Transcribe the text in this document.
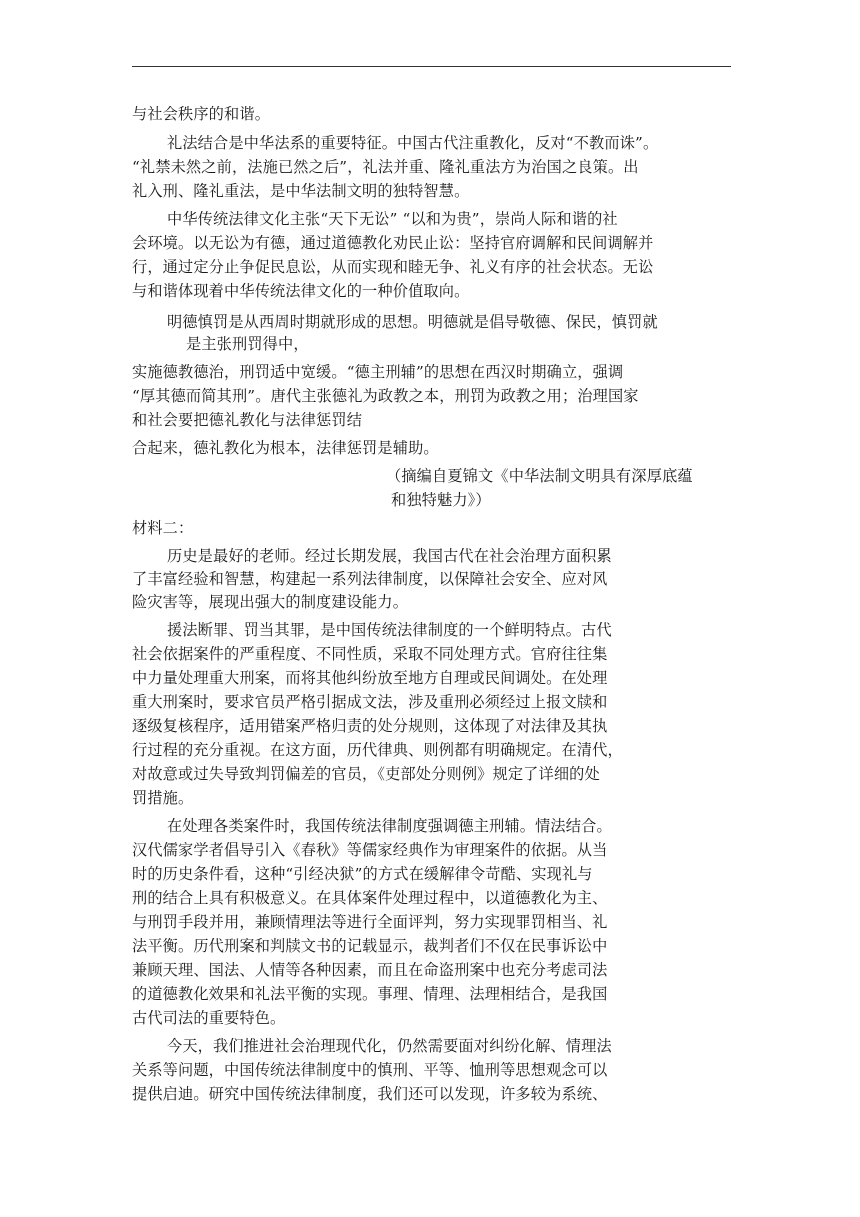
与社会秩序的和谐。
礼法结合是中华法系的重要特征。中国古代注重教化，反对“不教而诛”。
“礼禁未然之前，法施已然之后”，礼法并重、隆礼重法方为治国之良策。出
礼入刑、隆礼重法，是中华法制文明的独特智慧。
中华传统法律文化主张“天下无讼” “以和为贵”，崇尚人际和谐的社
会环境。以无讼为有德，通过道德教化劝民止讼：坚持官府调解和民间调解并
行，通过定分止争促民息讼，从而实现和睦无争、礼义有序的社会状态。无讼
与和谐体现着中华传统法律文化的一种价值取向。
明德慎罚是从西周时期就形成的思想。明德就是倡导敬德、保民，慎罚就
是主张刑罚得中，
实施德教德治，刑罚适中宽缓。“德主刑辅”的思想在西汉时期确立，强调
“厚其德而简其刑”。唐代主张德礼为政教之本，刑罚为政教之用；治理国家
和社会要把德礼教化与法律惩罚结
合起来，德礼教化为根本，法律惩罚是辅助。
（摘编自夏锦文《中华法制文明具有深厚底蕴
和独特魅力》）
材料二：
历史是最好的老师。经过长期发展，我国古代在社会治理方面积累
了丰富经验和智慧，构建起一系列法律制度，以保障社会安全、应对风
险灾害等，展现出强大的制度建设能力。
援法断罪、罚当其罪，是中国传统法律制度的一个鲜明特点。古代
社会依据案件的严重程度、不同性质，采取不同处理方式。官府往往集
中力量处理重大刑案，而将其他纠纷放至地方自理或民间调处。在处理
重大刑案时，要求官员严格引据成文法，涉及重刑必须经过上报文牍和
逐级复核程序，适用错案严格归责的处分规则，这体现了对法律及其执
行过程的充分重视。在这方面，历代律典、则例都有明确规定。在清代，
对故意或过失导致判罚偏差的官员，《吏部处分则例》规定了详细的处
罚措施。
在处理各类案件时，我国传统法律制度强调德主刑辅。情法结合。
汉代儒家学者倡导引入《春秋》等儒家经典作为审理案件的依据。从当
时的历史条件看，这种“引经决狱”的方式在缓解律令苛酷、实现礼与
刑的结合上具有积极意义。在具体案件处理过程中，以道德教化为主、
与刑罚手段并用，兼顾情理法等进行全面评判，努力实现罪罚相当、礼
法平衡。历代刑案和判牍文书的记载显示，裁判者们不仅在民事诉讼中
兼顾天理、国法、人情等各种因素，而且在命盗刑案中也充分考虑司法
的道德教化效果和礼法平衡的实现。事理、情理、法理相结合，是我国
古代司法的重要特色。
今天，我们推进社会治理现代化，仍然需要面对纠纷化解、情理法
关系等问题，中国传统法律制度中的慎刑、平等、恤刑等思想观念可以
提供启迪。研究中国传统法律制度，我们还可以发现，许多较为系统、
